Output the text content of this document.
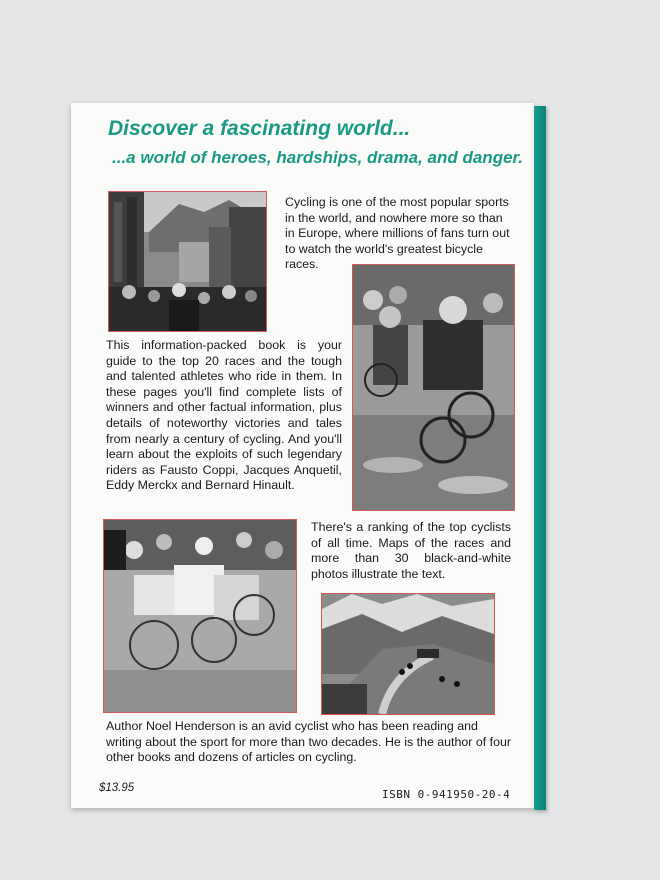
Discover a fascinating world...
...a world of heroes, hardships, drama, and danger.
Cycling is one of the most popular sports in the world, and nowhere more so than in Europe, where millions of fans turn out to watch the world's greatest bicycle races.
This information-packed book is your guide to the top 20 races and the tough and talented athletes who ride in them. In these pages you'll find complete lists of winners and other factual information, plus details of noteworthy victories and tales from nearly a century of cycling. And you'll learn about the exploits of such legendary riders as Fausto Coppi, Jacques Anquetil, Eddy Merckx and Bernard Hinault.
There's a ranking of the top cyclists of all time. Maps of the races and more than 30 black-and-white photos illustrate the text.
Author Noel Henderson is an avid cyclist who has been reading and writing about the sport for more than two decades. He is the author of four other books and dozens of articles on cycling.
$13.95	ISBN 0-941950-20-4
